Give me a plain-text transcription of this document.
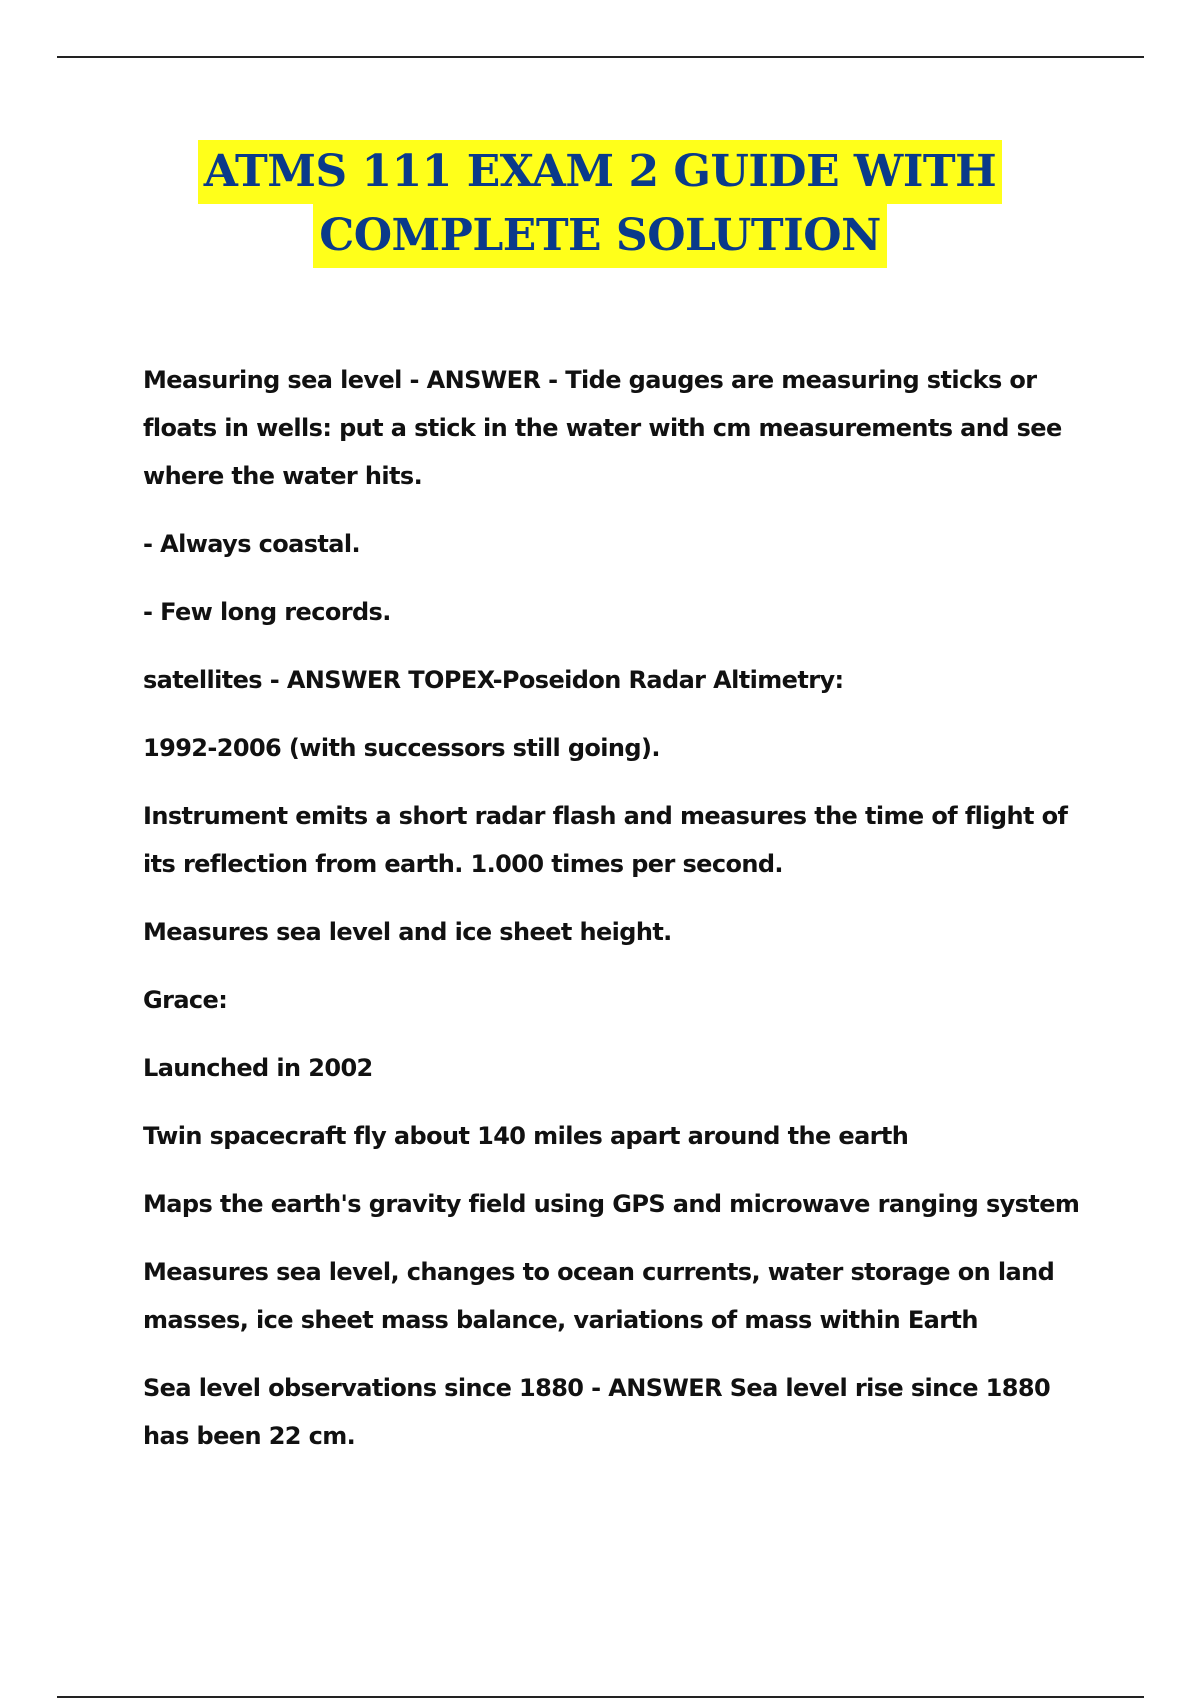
ATMS 111 EXAM 2 GUIDE WITH
COMPLETE SOLUTION

Measuring sea level - ANSWER - Tide gauges are measuring sticks or floats in wells: put a stick in the water with cm measurements and see where the water hits.

- Always coastal.

- Few long records.

satellites - ANSWER TOPEX-Poseidon Radar Altimetry:

1992-2006 (with successors still going).

Instrument emits a short radar flash and measures the time of flight of its reflection from earth. 1.000 times per second.

Measures sea level and ice sheet height.

Grace:

Launched in 2002

Twin spacecraft fly about 140 miles apart around the earth

Maps the earth's gravity field using GPS and microwave ranging system

Measures sea level, changes to ocean currents, water storage on land masses, ice sheet mass balance, variations of mass within Earth

Sea level observations since 1880 - ANSWER Sea level rise since 1880 has been 22 cm.
